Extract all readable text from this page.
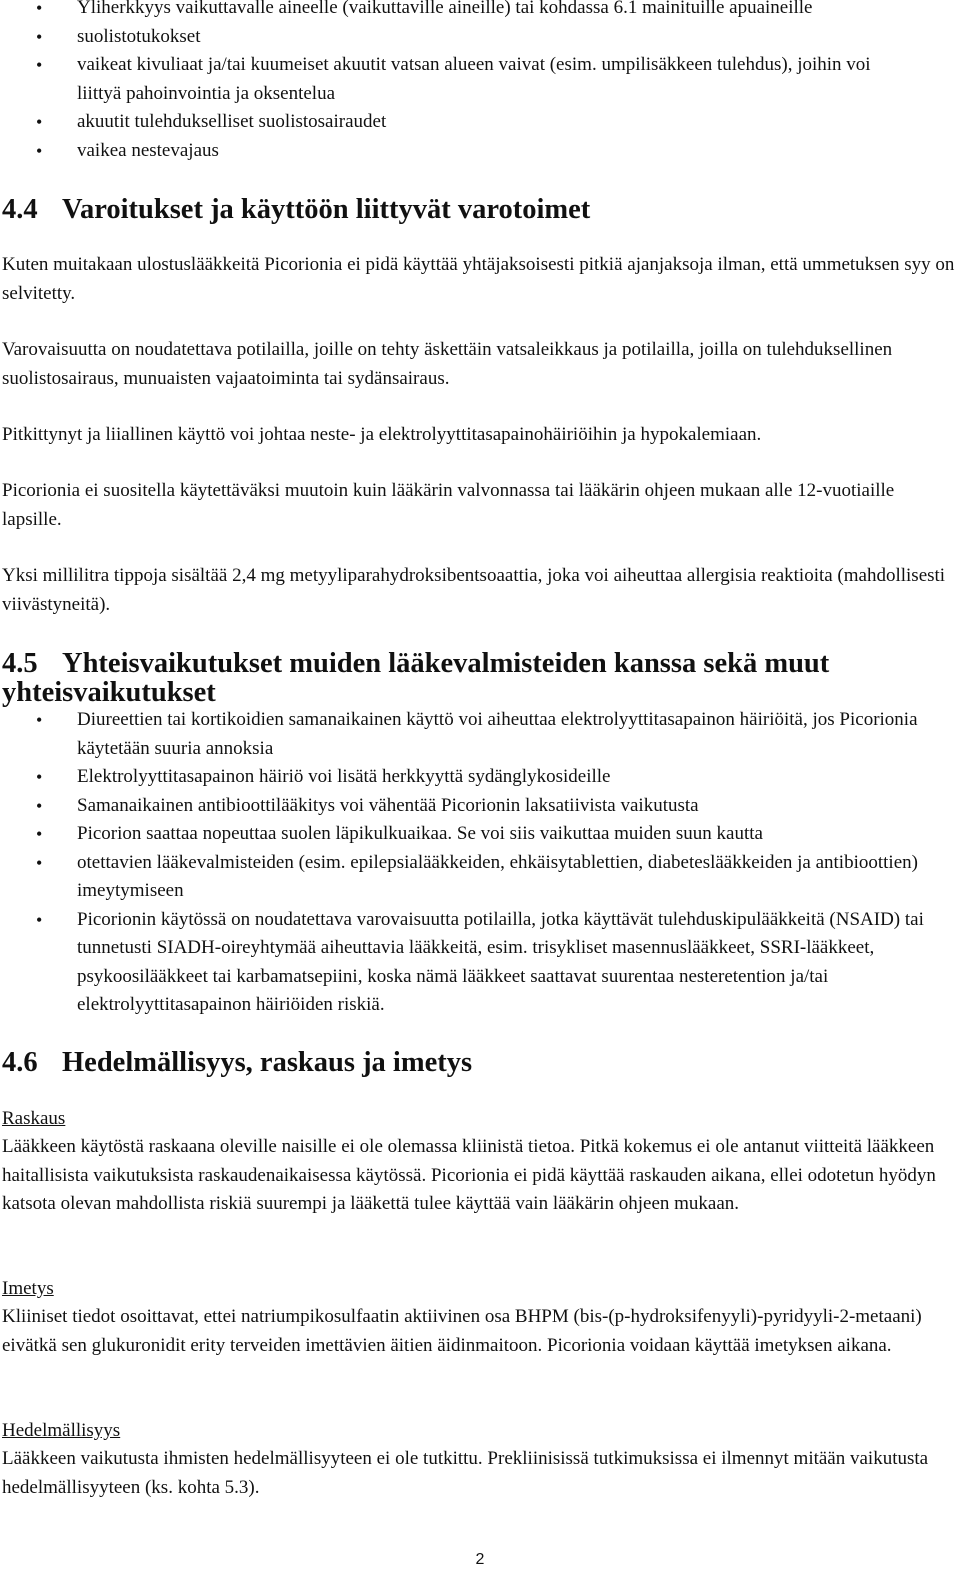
• Yliherkkyys vaikuttavalle aineelle (vaikuttaville aineille) tai kohdassa 6.1 mainituille apuaineille
• suolistotukokset
• vaikeat kivuliaat ja/tai kuumeiset akuutit vatsan alueen vaivat (esim. umpilisäkkeen tulehdus), joihin voi liittyä pahoinvointia ja oksentelua
• akuutit tulehdukselliset suolistosairaudet
• vaikea nestevajaus
4.4 Varoitukset ja käyttöön liittyvät varotoimet

Kuten muitakaan ulostuslääkkeitä Picorionia ei pidä käyttää yhtäjaksoisesti pitkiä ajanjaksoja ilman, että ummetuksen syy on selvitetty.

Varovaisuutta on noudatettava potilailla, joille on tehty äskettäin vatsaleikkaus ja potilailla, joilla on tulehduksellinen suolistosairaus, munuaisten vajaatoiminta tai sydänsairaus.

Pitkittynyt ja liiallinen käyttö voi johtaa neste- ja elektrolyyttitasapainohäiriöihin ja hypokalemiaan.

Picorionia ei suositella käytettäväksi muutoin kuin lääkärin valvonnassa tai lääkärin ohjeen mukaan alle 12-vuotiaille lapsille.

Yksi millilitra tippoja sisältää 2,4 mg metyyliparahydroksibentsoaattia, joka voi aiheuttaa allergisia reaktioita (mahdollisesti viivästyneitä).

4.5 Yhteisvaikutukset muiden lääkevalmisteiden kanssa sekä muut yhteisvaikutukset
• Diureettien tai kortikoidien samanaikainen käyttö voi aiheuttaa elektrolyyttitasapainon häiriöitä, jos Picorionia käytetään suuria annoksia
• Elektrolyyttitasapainon häiriö voi lisätä herkkyyttä sydänglykosideille
• Samanaikainen antibioottilääkitys voi vähentää Picorionin laksatiivista vaikutusta
• Picorion saattaa nopeuttaa suolen läpikulkuaikaa. Se voi siis vaikuttaa muiden suun kautta
• otettavien lääkevalmisteiden (esim. epilepsialääkkeiden, ehkäisytablettien, diabeteslääkkeiden ja antibioottien) imeytymiseen
• Picorionin käytössä on noudatettava varovaisuutta potilailla, jotka käyttävät tulehduskipulääkkeitä (NSAID) tai tunnetusti SIADH-oireyhtymää aiheuttavia lääkkeitä, esim. trisykliset masennuslääkkeet, SSRI-lääkkeet, psykoosilääkkeet tai karbamatsepiini, koska nämä lääkkeet saattavat suurentaa nesteretention ja/tai elektrolyyttitasapainon häiriöiden riskiä.
4.6 Hedelmällisyys, raskaus ja imetys

Raskaus

Lääkkeen käytöstä raskaana oleville naisille ei ole olemassa kliinistä tietoa. Pitkä kokemus ei ole antanut viitteitä lääkkeen haitallisista vaikutuksista raskaudenaikaisessa käytössä. Picorionia ei pidä käyttää raskauden aikana, ellei odotetun hyödyn katsota olevan mahdollista riskiä suurempi ja lääkettä tulee käyttää vain lääkärin ohjeen mukaan.

Imetys

Kliiniset tiedot osoittavat, ettei natriumpikosulfaatin aktiivinen osa BHPM (bis-(p-hydroksifenyyli)-pyridyyli-2-metaani) eivätkä sen glukuronidit erity terveiden imettävien äitien äidinmaitoon. Picorionia voidaan käyttää imetyksen aikana.

Hedelmällisyys

Lääkkeen vaikutusta ihmisten hedelmällisyyteen ei ole tutkittu. Prekliinisissä tutkimuksissa ei ilmennyt mitään vaikutusta hedelmällisyyteen (ks. kohta 5.3).

2
